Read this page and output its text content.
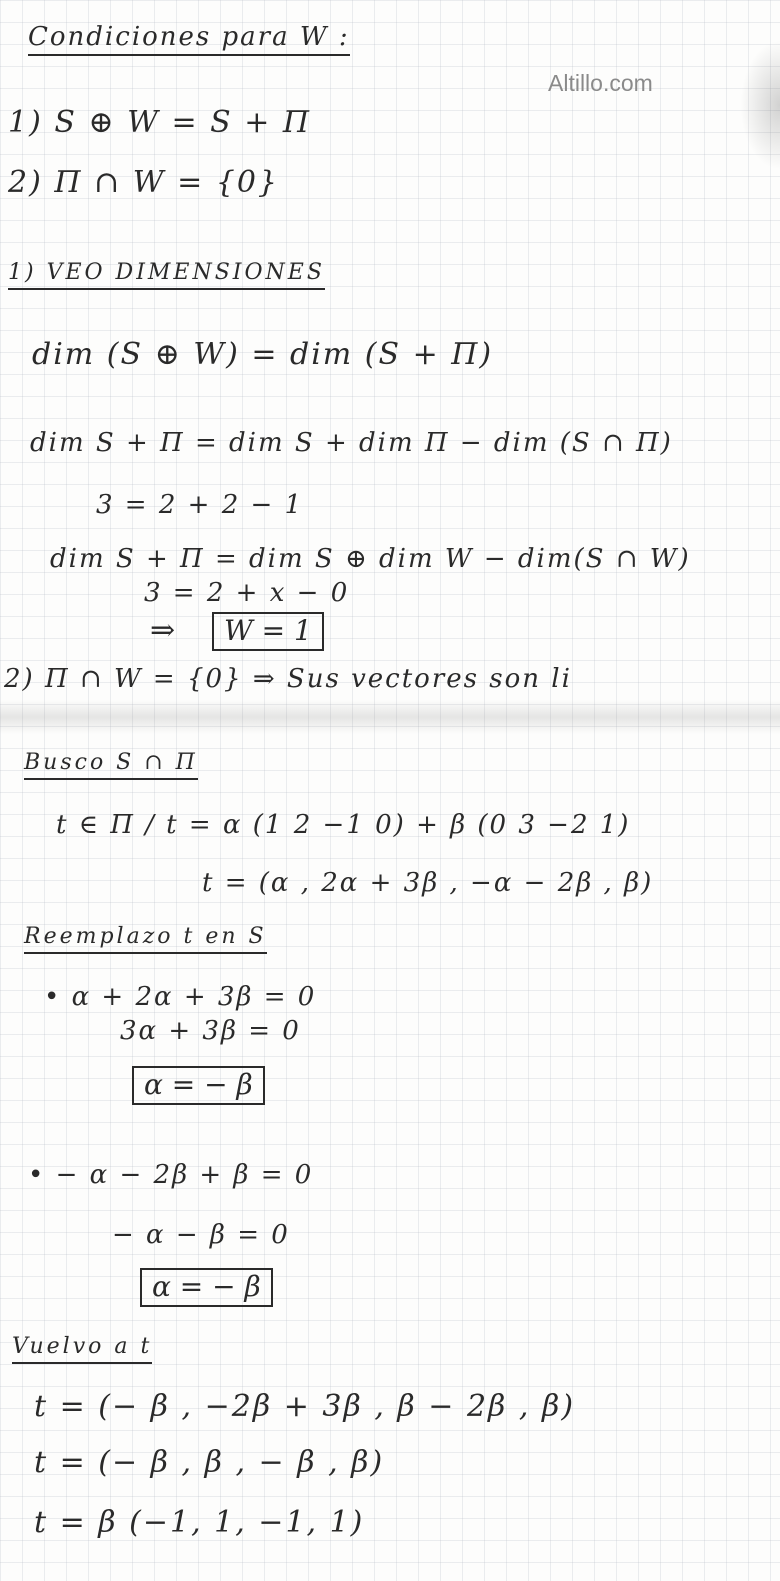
Altillo.com
Condiciones para W :
1) S ⊕ W = S + Π
2) Π ∩ W = {0}
1) VEO DIMENSIONES
dim (S ⊕ W) = dim (S + Π)
dim S + Π = dim S + dim Π − dim (S ∩ Π)
3 = 2 + 2 − 1
dim S + Π = dim S ⊕ dim W − dim(S ∩ W)
3 = 2 + x − 0
⇒	W = 1
2) Π ∩ W = {0} ⇒ Sus vectores son li
Busco S ∩ Π
t ∈ Π / t = α (1 2 −1 0) + β (0 3 −2 1)
t = (α , 2α + 3β , −α − 2β , β)
Reemplazo t en S
• α + 2α + 3β = 0
3α + 3β = 0
α = − β
• − α − 2β + β = 0
− α − β = 0
α = − β
Vuelvo a t
t = (− β , −2β + 3β , β − 2β , β)
t = (− β , β , − β , β)
t = β (−1, 1, −1, 1)
